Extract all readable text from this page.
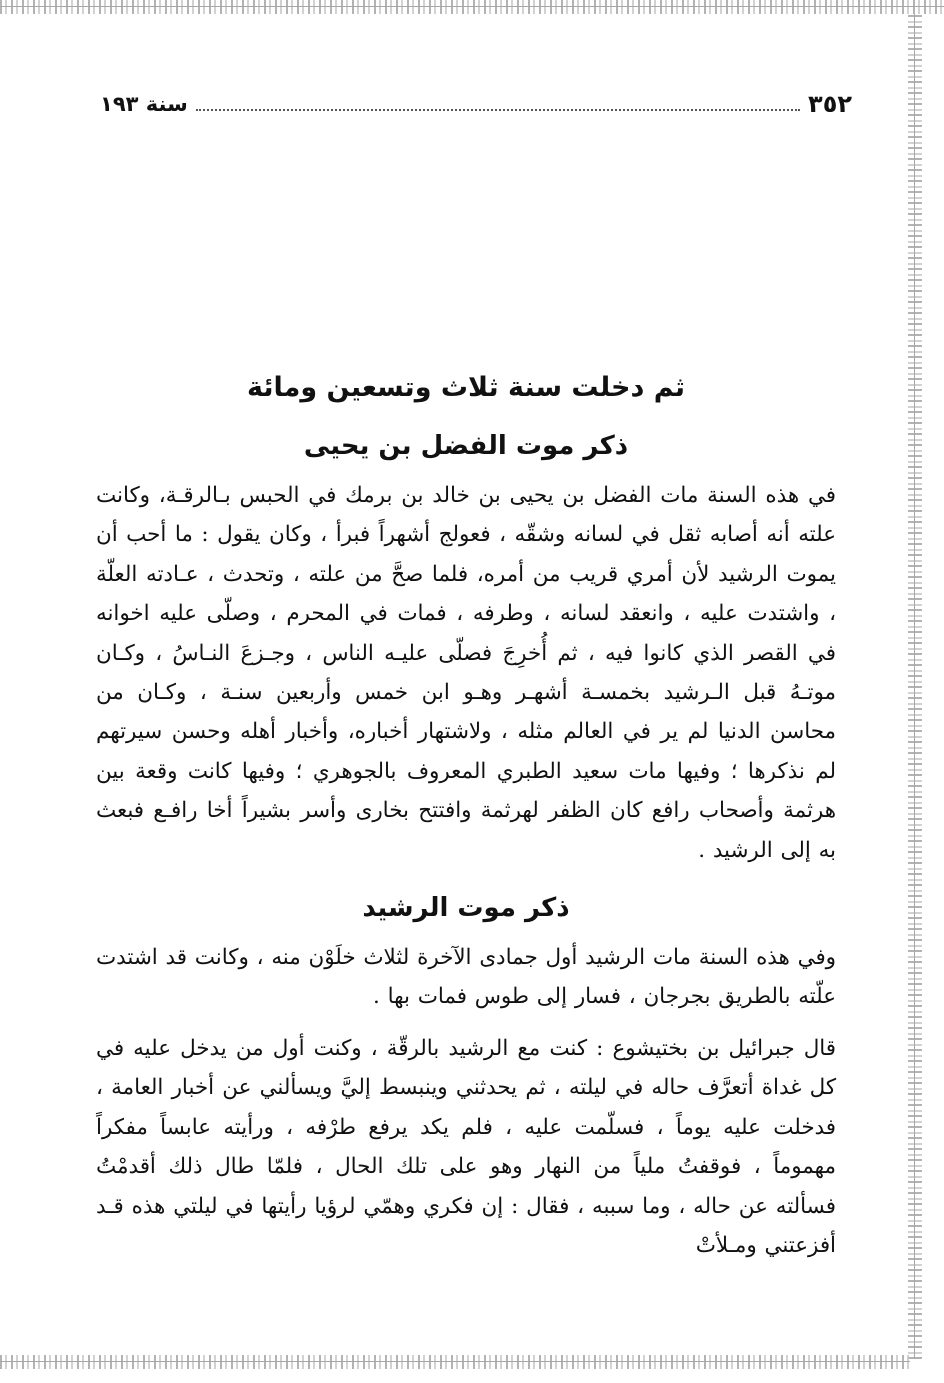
٣٥٢
سنة ١٩٣
ثم دخلت سنة ثلاث وتسعين ومائة
ذكر موت الفضل بن يحيى

في هذه السنة مات الفضل بن يحيى بن خالد بن برمك في الحبس بـالرقـة، وكانت علته أنه أصابه ثقل في لسانه وشقّه ، فعولج أشهراً فبرأ ، وكان يقول : ما أحب أن يموت الرشيد لأن أمري قريب من أمره، فلما صحَّ من علته ، وتحدث ، عـادته العلّة ، واشتدت عليه ، وانعقد لسانه ، وطرفه ، فمات في المحرم ، وصلّى عليه اخوانه في القصر الذي كانوا فيه ، ثم أُخرِجَ فصلّى عليـه الناس ، وجـزعَ النـاسُ ، وكـان موتـهُ قبل الـرشيد بخمسـة أشهـر وهـو ابن خمس وأربعين سنـة ، وكـان من محاسن الدنيا لم ير في العالم مثله ، ولاشتهار أخباره، وأخبار أهله وحسن سيرتهم لم نذكرها ؛ وفيها مات سعيد الطبري المعروف بالجوهري ؛ وفيها كانت وقعة بين هرثمة وأصحاب رافع كان الظفر لهرثمة وافتتح بخارى وأسر بشيراً أخا رافـع فبعث به إلى الرشيد .

ذكر موت الرشيد

وفي هذه السنة مات الرشيد أول جمادى الآخرة لثلاث خلَوْن منه ، وكانت قد اشتدت علّته بالطريق بجرجان ، فسار إلى طوس فمات بها .

قال جبرائيل بن بختيشوع : كنت مع الرشيد بالرقّة ، وكنت أول من يدخل عليه في كل غداة أتعرَّف حاله في ليلته ، ثم يحدثني وينبسط إليَّ ويسألني عن أخبار العامة ، فدخلت عليه يوماً ، فسلّمت عليه ، فلم يكد يرفع طرْفه ، ورأيته عابساً مفكراً مهموماً ، فوقفتُ ملياً من النهار وهو على تلك الحال ، فلمّا طال ذلك أقدمْتُ فسألته عن حاله ، وما سببه ، فقال : إن فكري وهمّي لرؤيا رأيتها في ليلتي هذه قـد أفزعتني ومـلأتْ
